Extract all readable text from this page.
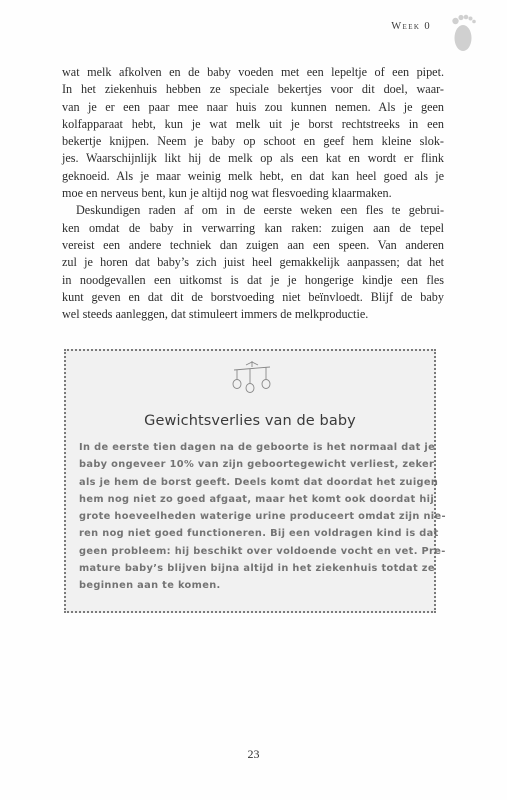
Week 0
wat melk afkolven en de baby voeden met een lepeltje of een pipet.
In het ziekenhuis hebben ze speciale bekertjes voor dit doel, waar-
van je er een paar mee naar huis zou kunnen nemen. Als je geen
kolfapparaat hebt, kun je wat melk uit je borst rechtstreeks in een
bekertje knijpen. Neem je baby op schoot en geef hem kleine slok-
jes. Waarschijnlijk likt hij de melk op als een kat en wordt er flink
geknoeid. Als je maar weinig melk hebt, en dat kan heel goed als je
moe en nerveus bent, kun je altijd nog wat flesvoeding klaarmaken.
Deskundigen raden af om in de eerste weken een fles te gebrui-
ken omdat de baby in verwarring kan raken: zuigen aan de tepel
vereist een andere techniek dan zuigen aan een speen. Van anderen
zul je horen dat baby’s zich juist heel gemakkelijk aanpassen; dat het
in noodgevallen een uitkomst is dat je je hongerige kindje een fles
kunt geven en dat dit de borstvoeding niet beïnvloedt. Blijf de baby
wel steeds aanleggen, dat stimuleert immers de melkproductie.
Gewichtsverlies van de baby
In de eerste tien dagen na de geboorte is het normaal dat je
baby ongeveer 10% van zijn geboortegewicht verliest, zeker
als je hem de borst geeft. Deels komt dat doordat het zuigen
hem nog niet zo goed afgaat, maar het komt ook doordat hij
grote hoeveelheden waterige urine produceert omdat zijn nie-
ren nog niet goed functioneren. Bij een voldragen kind is dat
geen probleem: hij beschikt over voldoende vocht en vet. Pre-
mature baby’s blijven bijna altijd in het ziekenhuis totdat ze
beginnen aan te komen.
23
